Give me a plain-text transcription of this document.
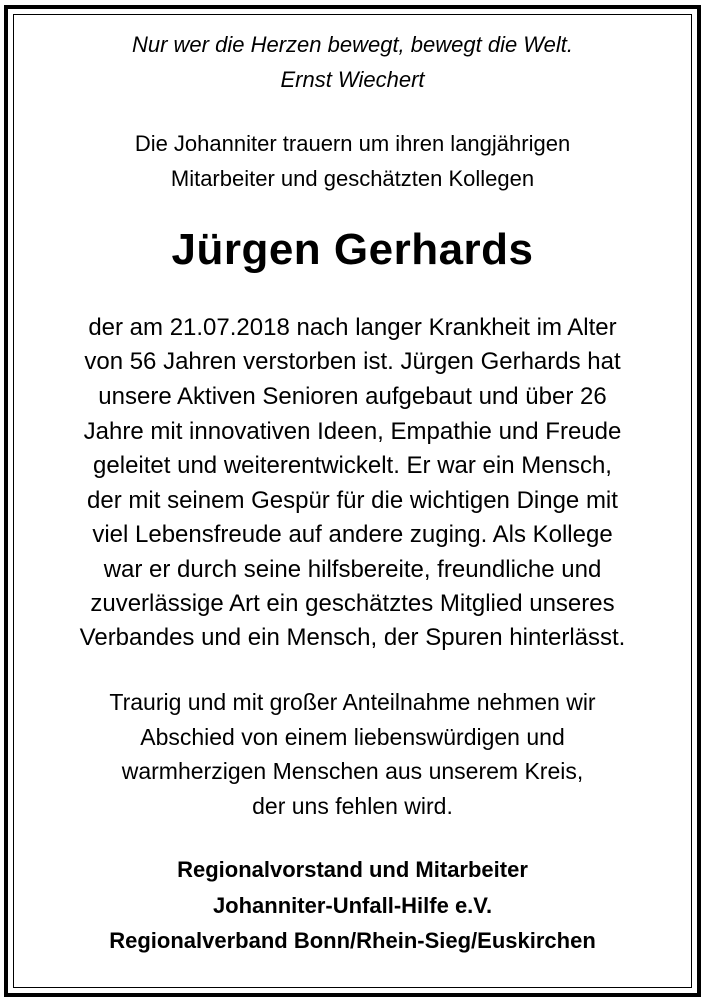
Nur wer die Herzen bewegt, bewegt die Welt.
Ernst Wiechert
Die Johanniter trauern um ihren langjährigen
Mitarbeiter und geschätzten Kollegen
Jürgen Gerhards
der am 21.07.2018 nach langer Krankheit im Alter
von 56 Jahren verstorben ist. Jürgen Gerhards hat
unsere Aktiven Senioren aufgebaut und über 26
Jahre mit innovativen Ideen, Empathie und Freude
geleitet und weiterentwickelt. Er war ein Mensch,
der mit seinem Gespür für die wichtigen Dinge mit
viel Lebensfreude auf andere zuging. Als Kollege
war er durch seine hilfsbereite, freundliche und
zuverlässige Art ein geschätztes Mitglied unseres
Verbandes und ein Mensch, der Spuren hinterlässt.
Traurig und mit großer Anteilnahme nehmen wir
Abschied von einem liebenswürdigen und
warmherzigen Menschen aus unserem Kreis,
der uns fehlen wird.
Regionalvorstand und Mitarbeiter
Johanniter-Unfall-Hilfe e.V.
Regionalverband Bonn/Rhein-Sieg/Euskirchen
